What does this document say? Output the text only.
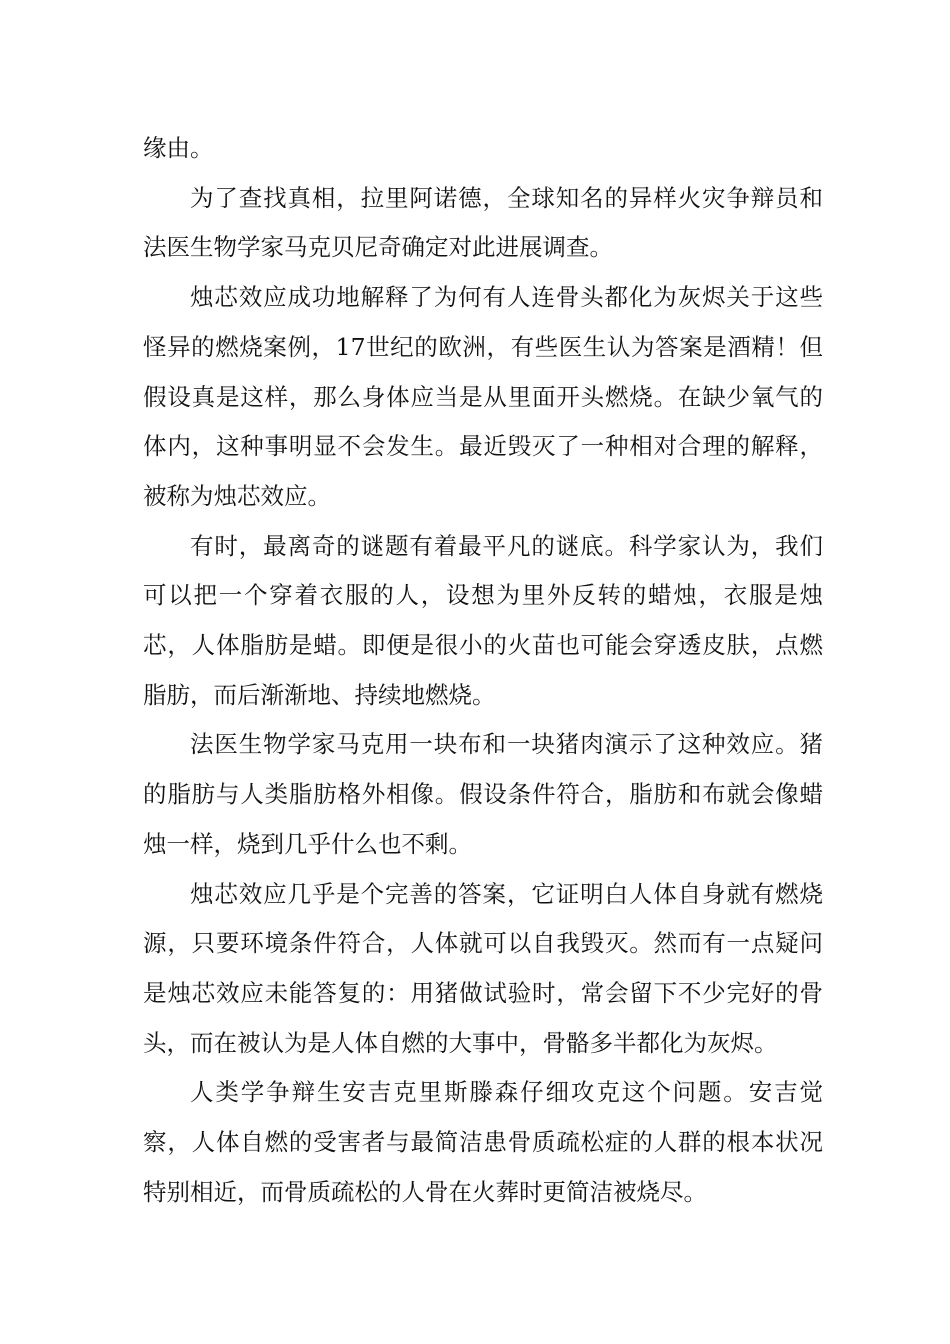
缘由。

为了查找真相，拉里阿诺德，全球知名的异样火灾争辩员和法医生物学家马克贝尼奇确定对此进展调查。

烛芯效应成功地解释了为何有人连骨头都化为灰烬关于这些怪异的燃烧案例，17世纪的欧洲，有些医生认为答案是酒精！但假设真是这样，那么身体应当是从里面开头燃烧。在缺少氧气的体内，这种事明显不会发生。最近毁灭了一种相对合理的解释，被称为烛芯效应。

有时，最离奇的谜题有着最平凡的谜底。科学家认为，我们可以把一个穿着衣服的人，设想为里外反转的蜡烛，衣服是烛芯，人体脂肪是蜡。即便是很小的火苗也可能会穿透皮肤，点燃脂肪，而后渐渐地、持续地燃烧。

法医生物学家马克用一块布和一块猪肉演示了这种效应。猪的脂肪与人类脂肪格外相像。假设条件符合，脂肪和布就会像蜡烛一样，烧到几乎什么也不剩。

烛芯效应几乎是个完善的答案，它证明白人体自身就有燃烧源，只要环境条件符合，人体就可以自我毁灭。然而有一点疑问是烛芯效应未能答复的：用猪做试验时，常会留下不少完好的骨头，而在被认为是人体自燃的大事中，骨骼多半都化为灰烬。

人类学争辩生安吉克里斯滕森仔细攻克这个问题。安吉觉察，人体自燃的受害者与最简洁患骨质疏松症的人群的根本状况特别相近，而骨质疏松的人骨在火葬时更简洁被烧尽。
